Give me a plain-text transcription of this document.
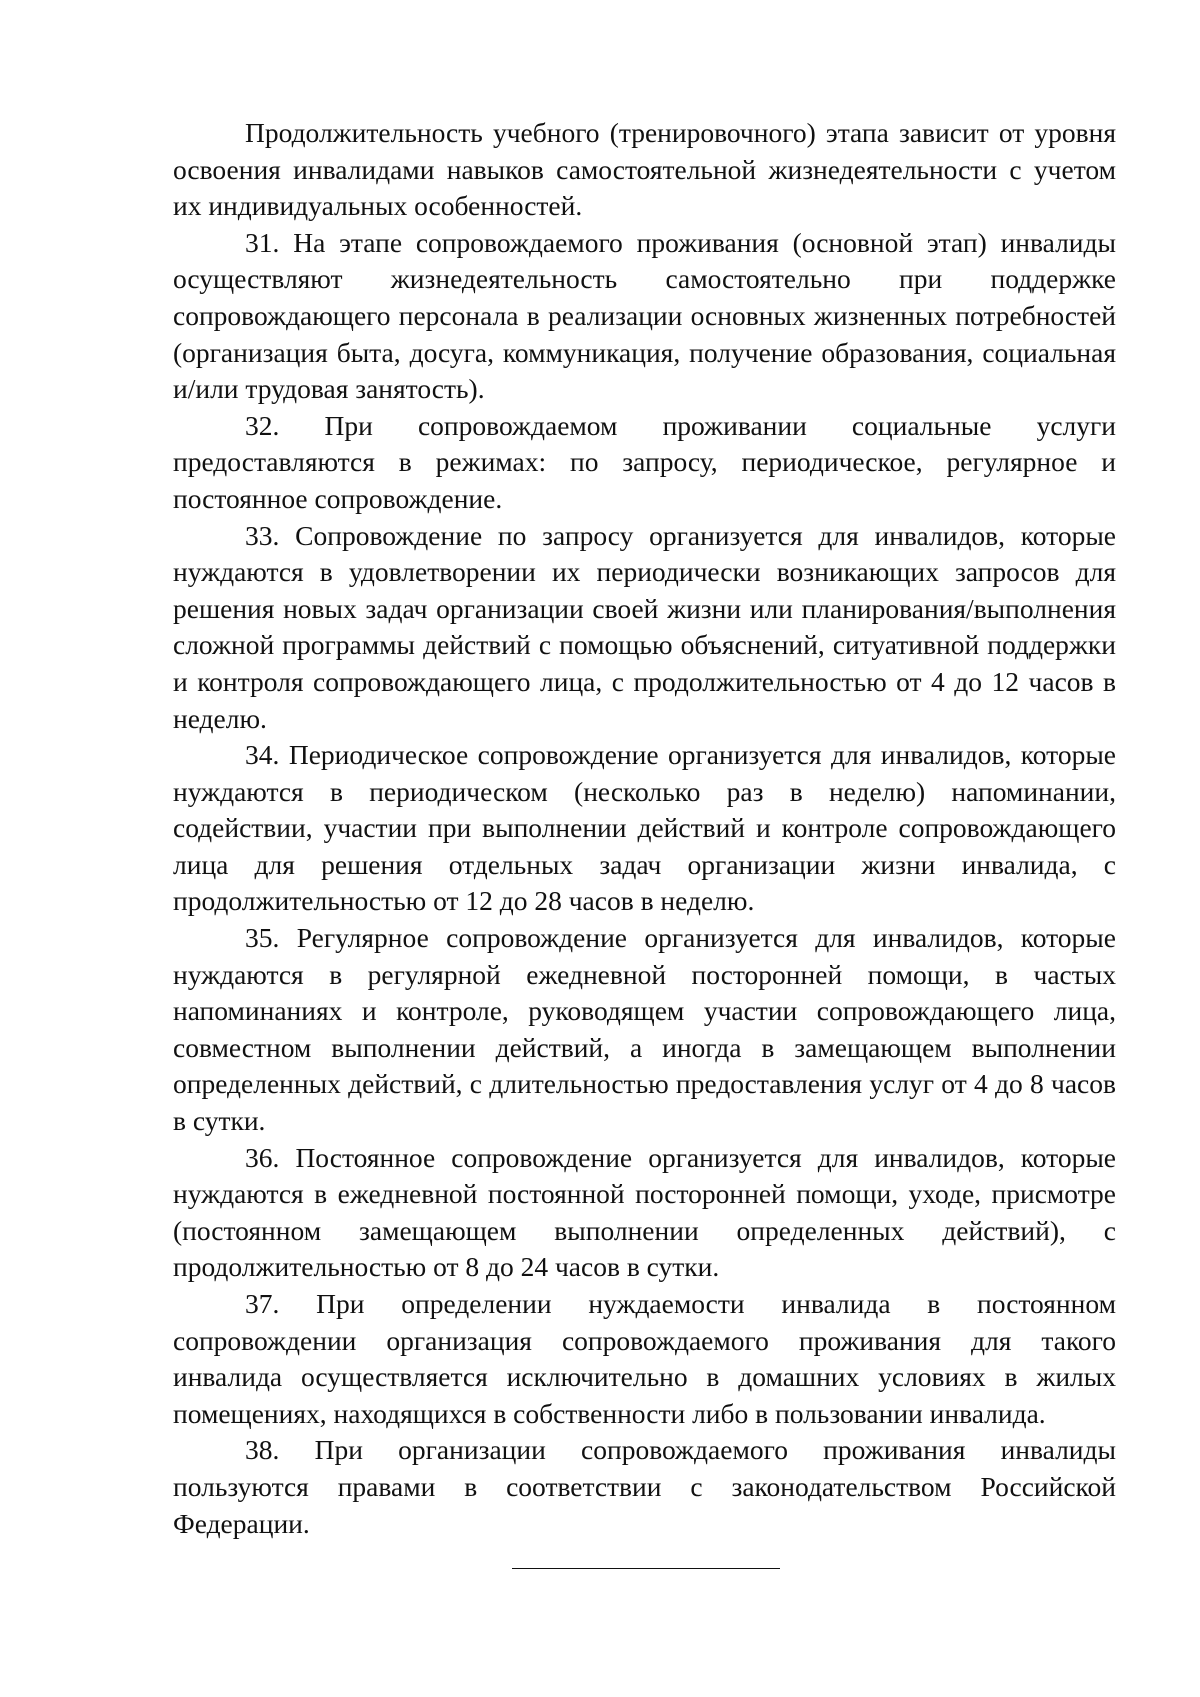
Продолжительность учебного (тренировочного) этапа зависит от уровня освоения инвалидами навыков самостоятельной жизнедеятельности с учетом их индивидуальных особенностей.

31. На этапе сопровождаемого проживания (основной этап) инвалиды осуществляют жизнедеятельность самостоятельно при поддержке сопровождающего персонала в реализации основных жизненных потребностей (организация быта, досуга, коммуникация, получение образования, социальная и/или трудовая занятость).

32. При сопровождаемом проживании социальные услуги предоставляются в режимах: по запросу, периодическое, регулярное и постоянное сопровождение.

33. Сопровождение по запросу организуется для инвалидов, которые нуждаются в удовлетворении их периодически возникающих запросов для решения новых задач организации своей жизни или планирования/выполнения сложной программы действий с помощью объяснений, ситуативной поддержки и контроля сопровождающего лица, с продолжительностью от 4 до 12 часов в неделю.

34. Периодическое сопровождение организуется для инвалидов, которые нуждаются в периодическом (несколько раз в неделю) напоминании, содействии, участии при выполнении действий и контроле сопровождающего лица для решения отдельных задач организации жизни инвалида, с продолжительностью от 12 до 28 часов в неделю.

35. Регулярное сопровождение организуется для инвалидов, которые нуждаются в регулярной ежедневной посторонней помощи, в частых напоминаниях и контроле, руководящем участии сопровождающего лица, совместном выполнении действий, а иногда в замещающем выполнении определенных действий, с длительностью предоставления услуг от 4 до 8 часов в сутки.

36. Постоянное сопровождение организуется для инвалидов, которые нуждаются в ежедневной постоянной посторонней помощи, уходе, присмотре (постоянном замещающем выполнении определенных действий), с продолжительностью от 8 до 24 часов в сутки.

37. При определении нуждаемости инвалида в постоянном сопровождении организация сопровождаемого проживания для такого инвалида осуществляется исключительно в домашних условиях в жилых помещениях, находящихся в собственности либо в пользовании инвалида.

38. При организации сопровождаемого проживания инвалиды пользуются правами в соответствии с законодательством Российской Федерации.
